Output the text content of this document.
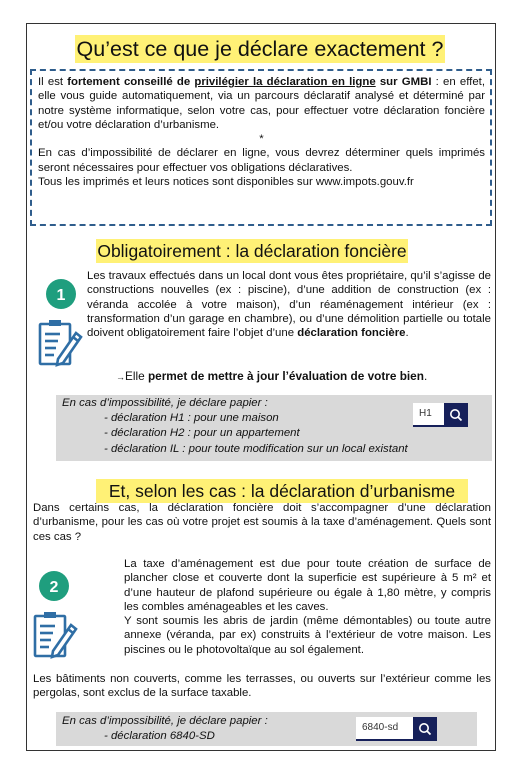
Qu’est ce que je déclare exactement ?

Il est fortement conseillé de privilégier la déclaration en ligne sur GMBI : en effet, elle vous guide automatiquement, via un parcours déclaratif analysé et déterminé par notre système informatique, selon votre cas, pour effectuer votre déclaration foncière et/ou votre déclaration d’urbanisme.

*

En cas d’impossibilité de déclarer en ligne, vous devrez déterminer quels imprimés seront nécessaires pour effectuer vos obligations déclaratives.

Tous les imprimés et leurs notices sont disponibles sur www.impots.gouv.fr

Obligatoirement : la déclaration foncière
1

Les travaux effectués dans un local dont vous êtes propriétaire, qu’il s’agisse de constructions nouvelles (ex : piscine), d’une addition de construction (ex : véranda accolée à votre maison), d’un réaménagement intérieur (ex : transformation d’un garage en chambre), ou d’une démolition partielle ou totale doivent obligatoirement faire l’objet d’une déclaration foncière.

→Elle permet de mettre à jour l’évaluation de votre bien.
En cas d’impossibilité, je déclare papier :
- déclaration H1 : pour une maison
- déclaration H2 : pour un appartement
- déclaration IL : pour toute modification sur un local existant
H1
Et, selon les cas : la déclaration d’urbanisme

Dans certains cas, la déclaration foncière doit s’accompagner d’une déclaration d’urbanisme, pour les cas où votre projet est soumis à la taxe d’aménagement. Quels sont ces cas ?

2

La taxe d’aménagement est due pour toute création de surface de plancher close et couverte dont la superficie est supérieure à 5 m² et d’une hauteur de plafond supérieure ou égale à 1,80 mètre, y compris les combles aménageables et les caves.

Y sont soumis les abris de jardin (même démontables) ou toute autre annexe (véranda, par ex) construits à l’extérieur de votre maison. Les piscines ou le photovoltaïque au sol également.

Les bâtiments non couverts, comme les terrasses, ou ouverts sur l’extérieur comme les pergolas, sont exclus de la surface taxable.

En cas d’impossibilité, je déclare papier :
- déclaration 6840-SD
6840-sd
